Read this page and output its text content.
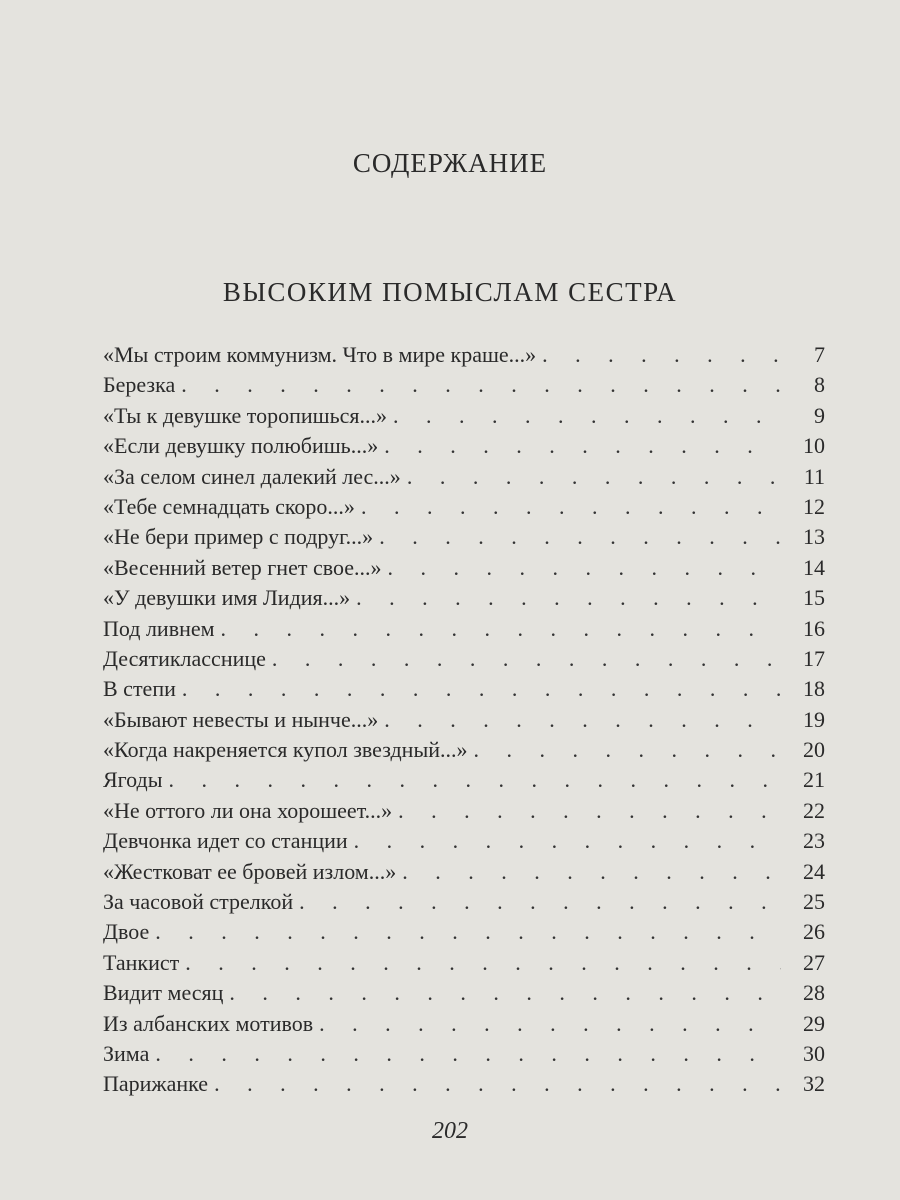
СОДЕРЖАНИЕ
ВЫСОКИМ ПОМЫСЛАМ СЕСТРА
«Мы строим коммунизм. Что в мире краше...» . . .	7
Березка . . .	8
«Ты к девушке торопишься...» . . .	9
«Если девушку полюбишь...» . . .	10
«За селом синел далекий лес...» . . .	11
«Тебе семнадцать скоро...» . . .	12
«Не бери пример с подруг...» . . .	13
«Весенний ветер гнет свое...» . . .	14
«У девушки имя Лидия...» . . .	15
Под ливнем . . .	16
Десятикласснице . . .	17
В степи . . .	18
«Бывают невесты и нынче...» . . .	19
«Когда накреняется купол звездный...» . . .	20
Ягоды . . .	21
«Не оттого ли она хорошеет...» . . .	22
Девчонка идет со станции . . .	23
«Жестковат ее бровей излом...» . . .	24
За часовой стрелкой . . .	25
Двое . . .	26
Танкист . . .	27
Видит месяц . . .	28
Из албанских мотивов . . .	29
Зима . . .	30
Парижанке . . .	32
202
